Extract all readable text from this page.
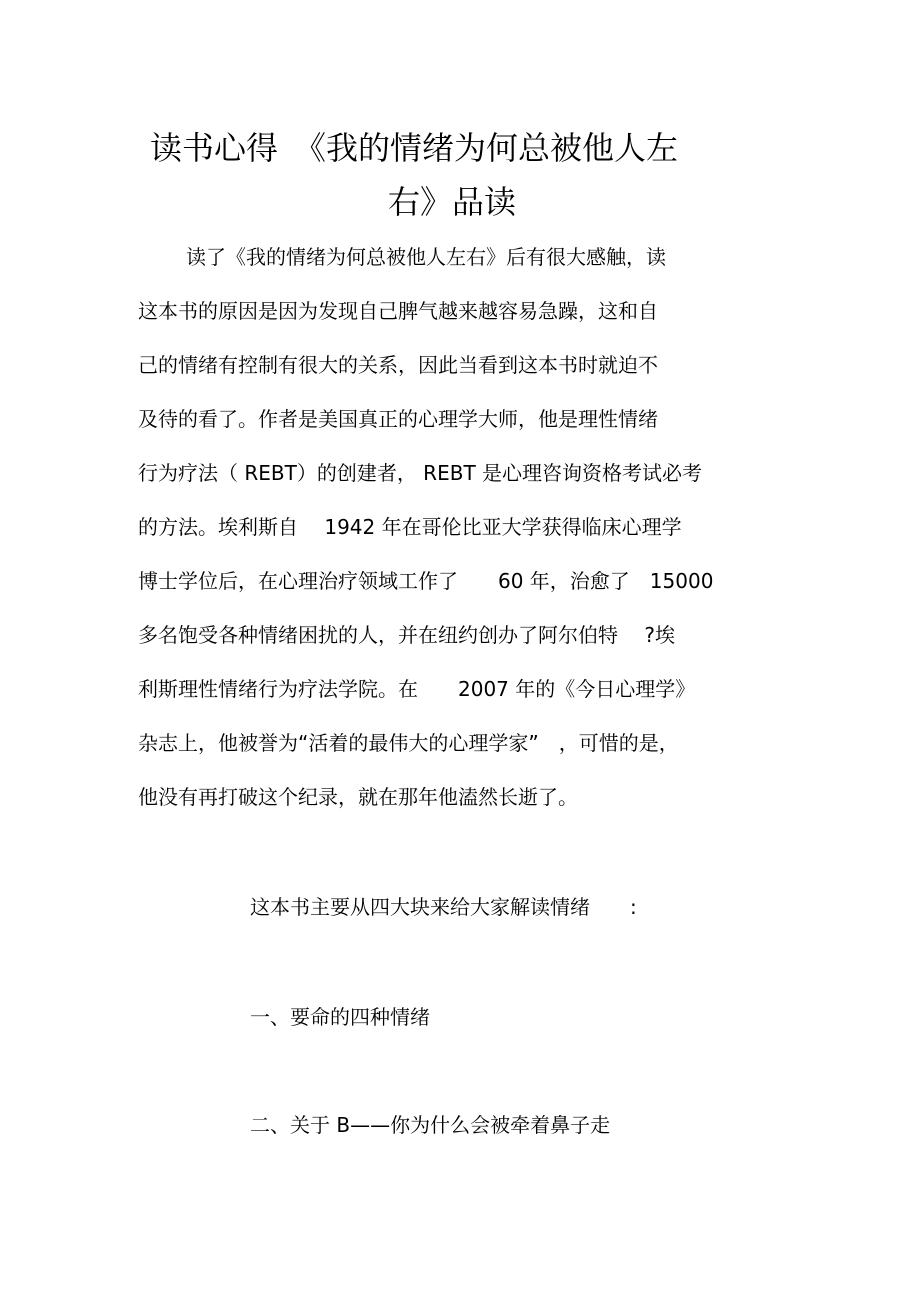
读书心得　《我的情绪为何总被他人左
右》品读
读了《我的情绪为何总被他人左右》后有很大感触，读
这本书的原因是因为发现自己脾气越来越容易急躁，这和自
己的情绪有控制有很大的关系，因此当看到这本书时就迫不
及待的看了。作者是美国真正的心理学大师，他是理性情绪
行为疗法（ REBT）的创建者， REBT 是心理咨询资格考试必考
的方法。埃利斯自　 1942 年在哥伦比亚大学获得临床心理学
博士学位后，在心理治疗领域工作了　　60 年，治愈了　15000
多名饱受各种情绪困扰的人，并在纽约创办了阿尔伯特　 ?埃
利斯理性情绪行为疗法学院。在　　2007 年的《今日心理学》
杂志上，他被誉为“活着的最伟大的心理学家”　，可惜的是，
他没有再打破这个纪录，就在那年他溘然长逝了。
这本书主要从四大块来给大家解读情绪　　:
一、要命的四种情绪
二、关于 B——你为什么会被牵着鼻子走
